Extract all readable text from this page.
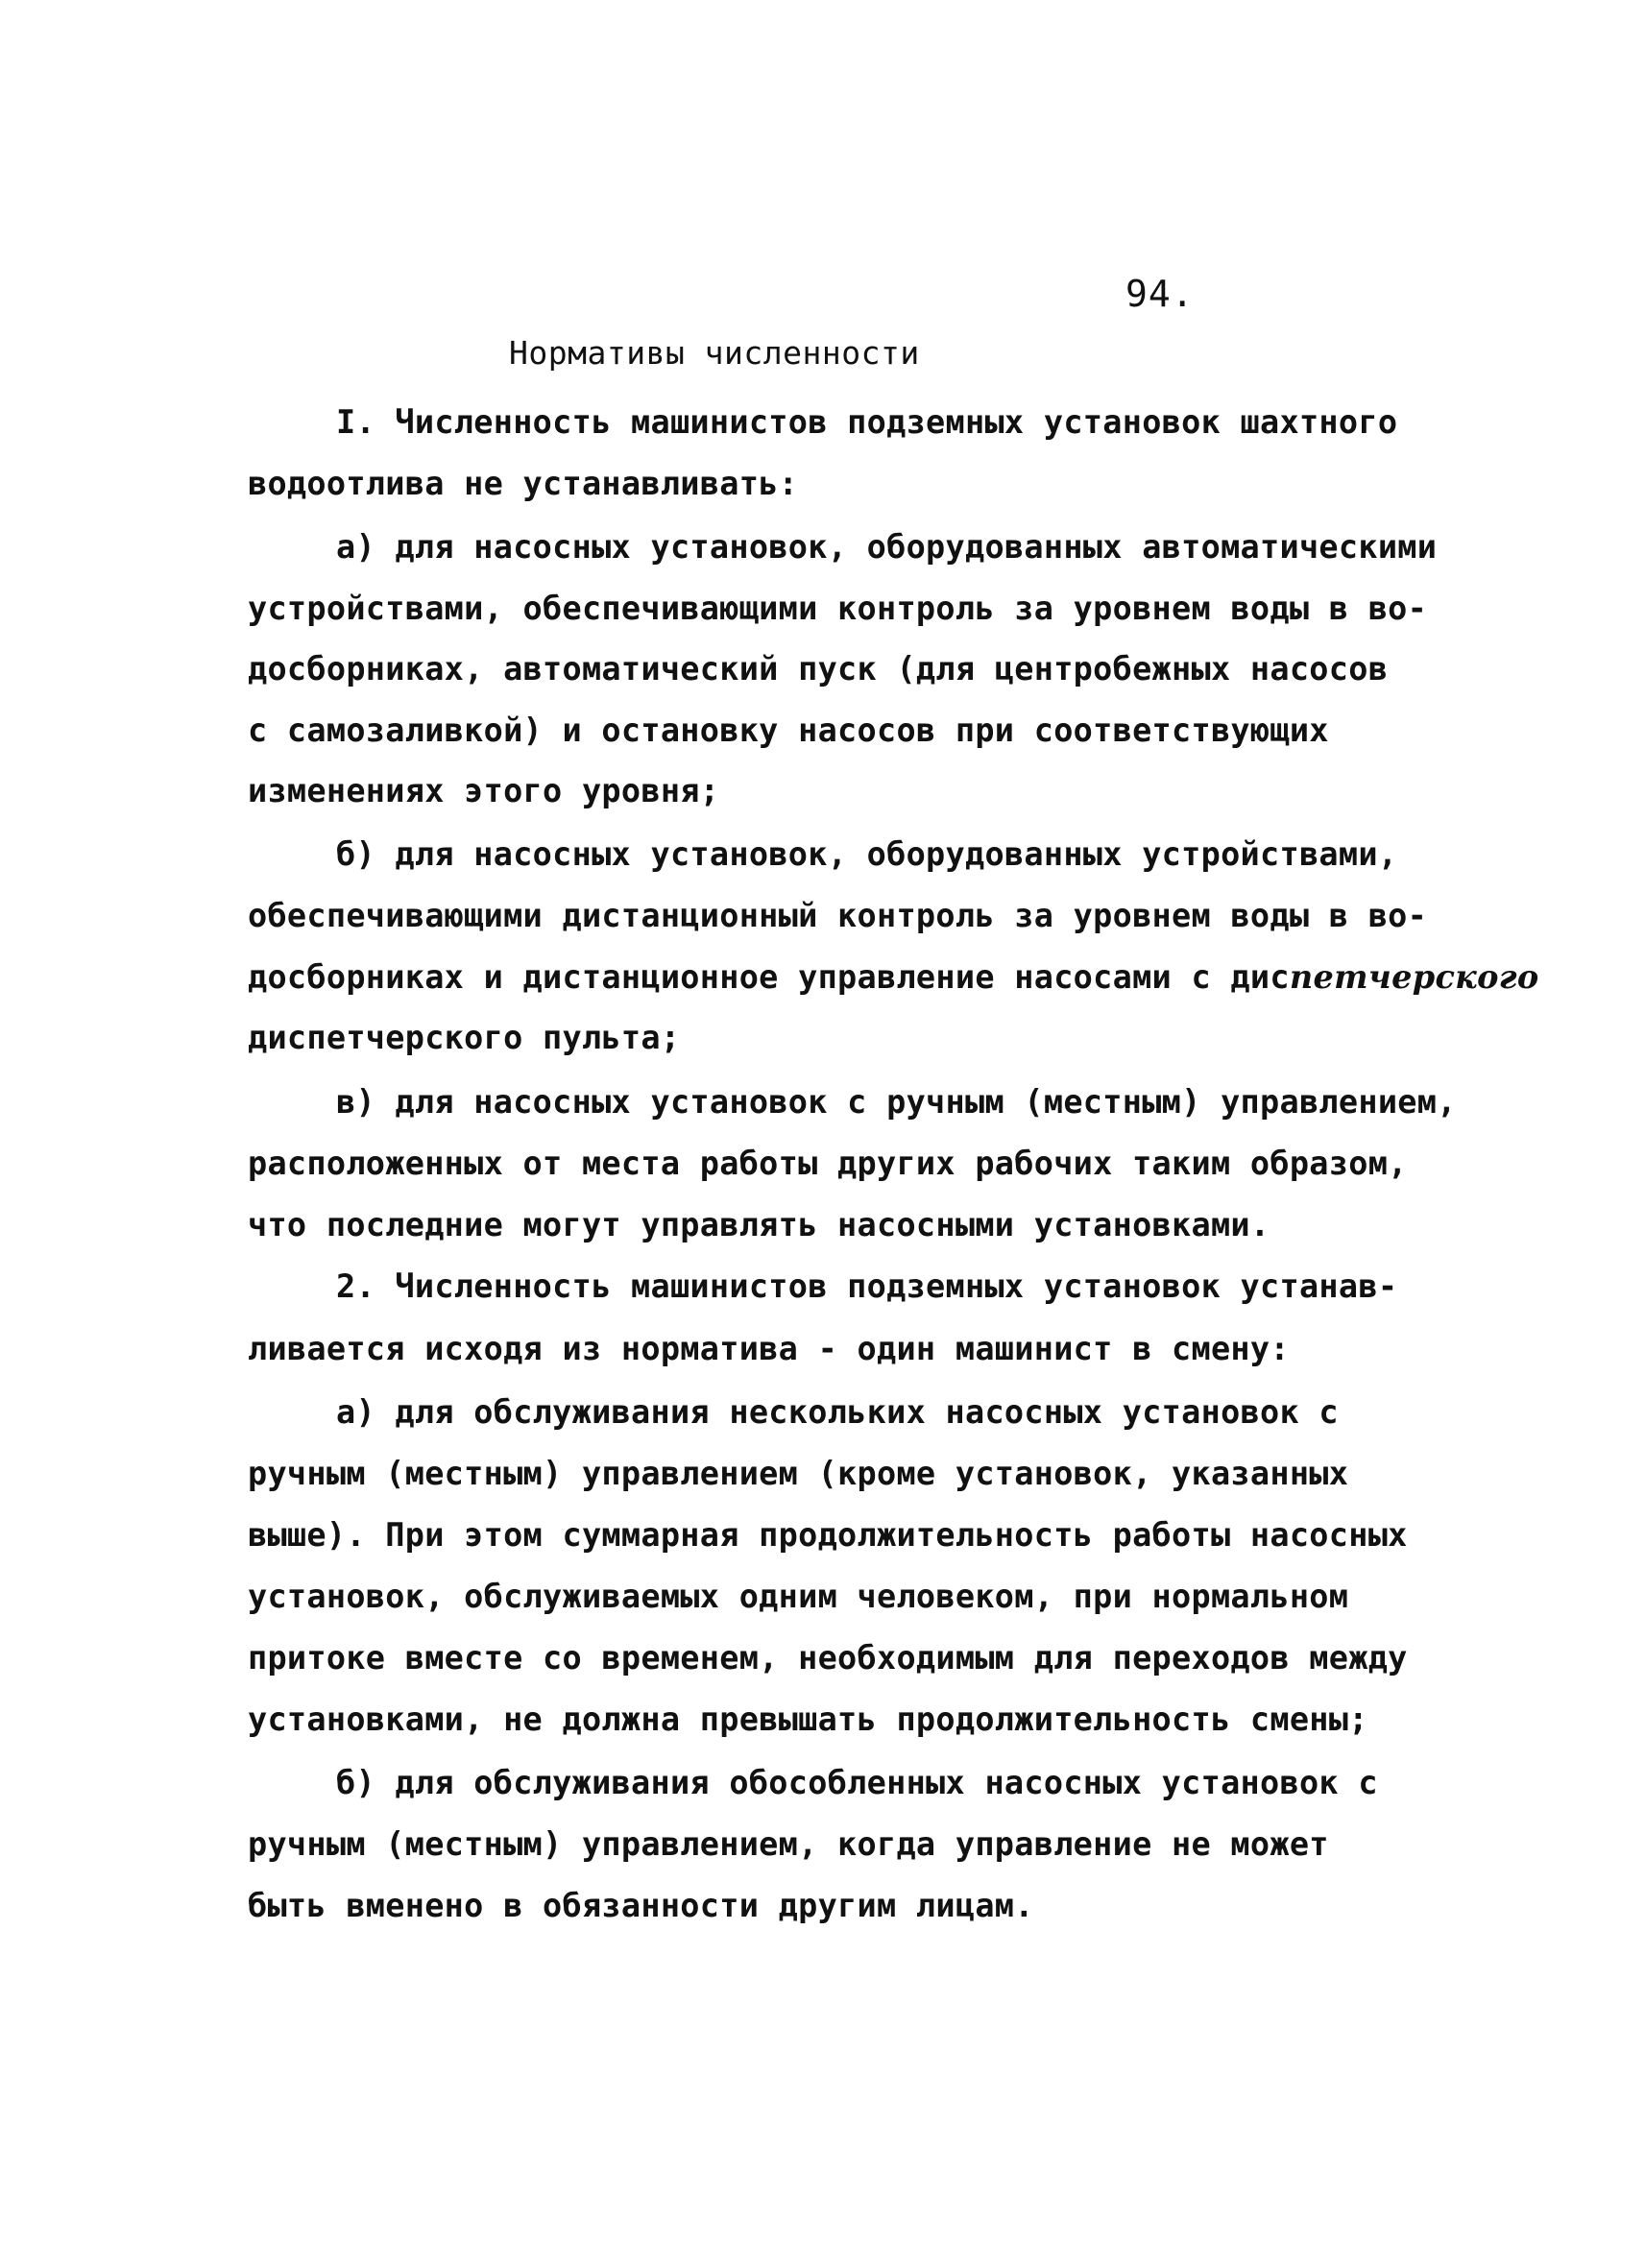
94.
Нормативы численности
I. Численность машинистов подземных установок шахтного
водоотлива не устанавливать:
а) для насосных установок, оборудованных автоматическими
устройствами, обеспечивающими контроль за уровнем воды в во-
досборниках, автоматический пуск (для центробежных насосов
с самозаливкой) и остановку насосов при соответствующих
изменениях этого уровня;
б) для насосных установок, оборудованных устройствами,
обеспечивающими дистанционный контроль за уровнем воды в во-
досборниках и дистанционное управление насосами с диспетчерского
диспетчерского пульта;
в) для насосных установок с ручным (местным) управлением,
расположенных от места работы других рабочих таким образом,
что последние могут управлять насосными установками.
2. Численность машинистов подземных установок устанав-
ливается исходя из норматива - один машинист в смену:
а) для обслуживания нескольких насосных установок с
ручным (местным) управлением (кроме установок, указанных
выше). При этом суммарная продолжительность работы насосных
установок, обслуживаемых одним человеком, при нормальном
притоке вместе со временем, необходимым для переходов между
установками, не должна превышать продолжительность смены;
б) для обслуживания обособленных насосных установок с
ручным (местным) управлением, когда управление не может
быть вменено в обязанности другим лицам.
